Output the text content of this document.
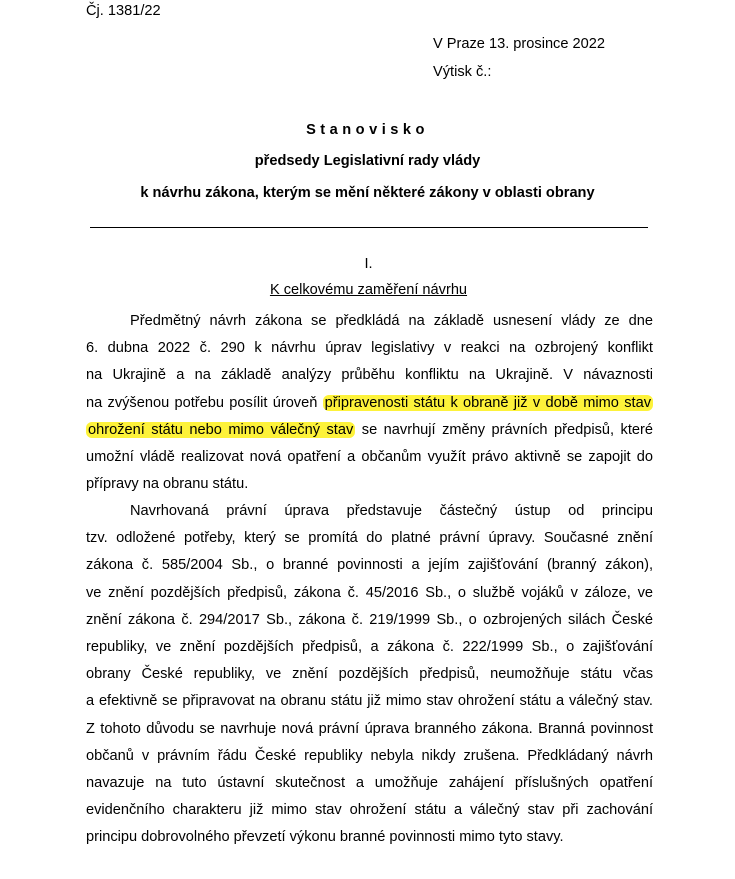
Čj. 1381/22
V Praze 13. prosince 2022
Výtisk č.:
Stanovisko
předsedy Legislativní rady vlády
k návrhu zákona, kterým se mění některé zákony v oblasti obrany
I.
K celkovému zaměření návrhu
Předmětný návrh zákona se předkládá na základě usnesení vlády ze dne
6. dubna 2022 č. 290 k návrhu úprav legislativy v reakci na ozbrojený konflikt
na Ukrajině a na základě analýzy průběhu konfliktu na Ukrajině. V návaznosti
na zvýšenou potřebu posílit úroveň připravenosti státu k obraně již v době mimo stav
ohrožení státu nebo mimo válečný stav se navrhují změny právních předpisů, které
umožní vládě realizovat nová opatření a občanům využít právo aktivně se zapojit do
přípravy na obranu státu.
Navrhovaná právní úprava představuje částečný ústup od principu
tzv. odložené potřeby, který se promítá do platné právní úpravy. Současné znění
zákona č. 585/2004 Sb., o branné povinnosti a jejím zajišťování (branný zákon),
ve znění pozdějších předpisů, zákona č. 45/2016 Sb., o službě vojáků v záloze, ve
znění zákona č. 294/2017 Sb., zákona č. 219/1999 Sb., o ozbrojených silách České
republiky, ve znění pozdějších předpisů, a zákona č. 222/1999 Sb., o zajišťování
obrany České republiky, ve znění pozdějších předpisů, neumožňuje státu včas
a efektivně se připravovat na obranu státu již mimo stav ohrožení státu a válečný stav.
Z tohoto důvodu se navrhuje nová právní úprava branného zákona. Branná povinnost
občanů v právním řádu České republiky nebyla nikdy zrušena. Předkládaný návrh
navazuje na tuto ústavní skutečnost a umožňuje zahájení příslušných opatření
evidenčního charakteru již mimo stav ohrožení státu a válečný stav při zachování
principu dobrovolného převzetí výkonu branné povinnosti mimo tyto stavy.
